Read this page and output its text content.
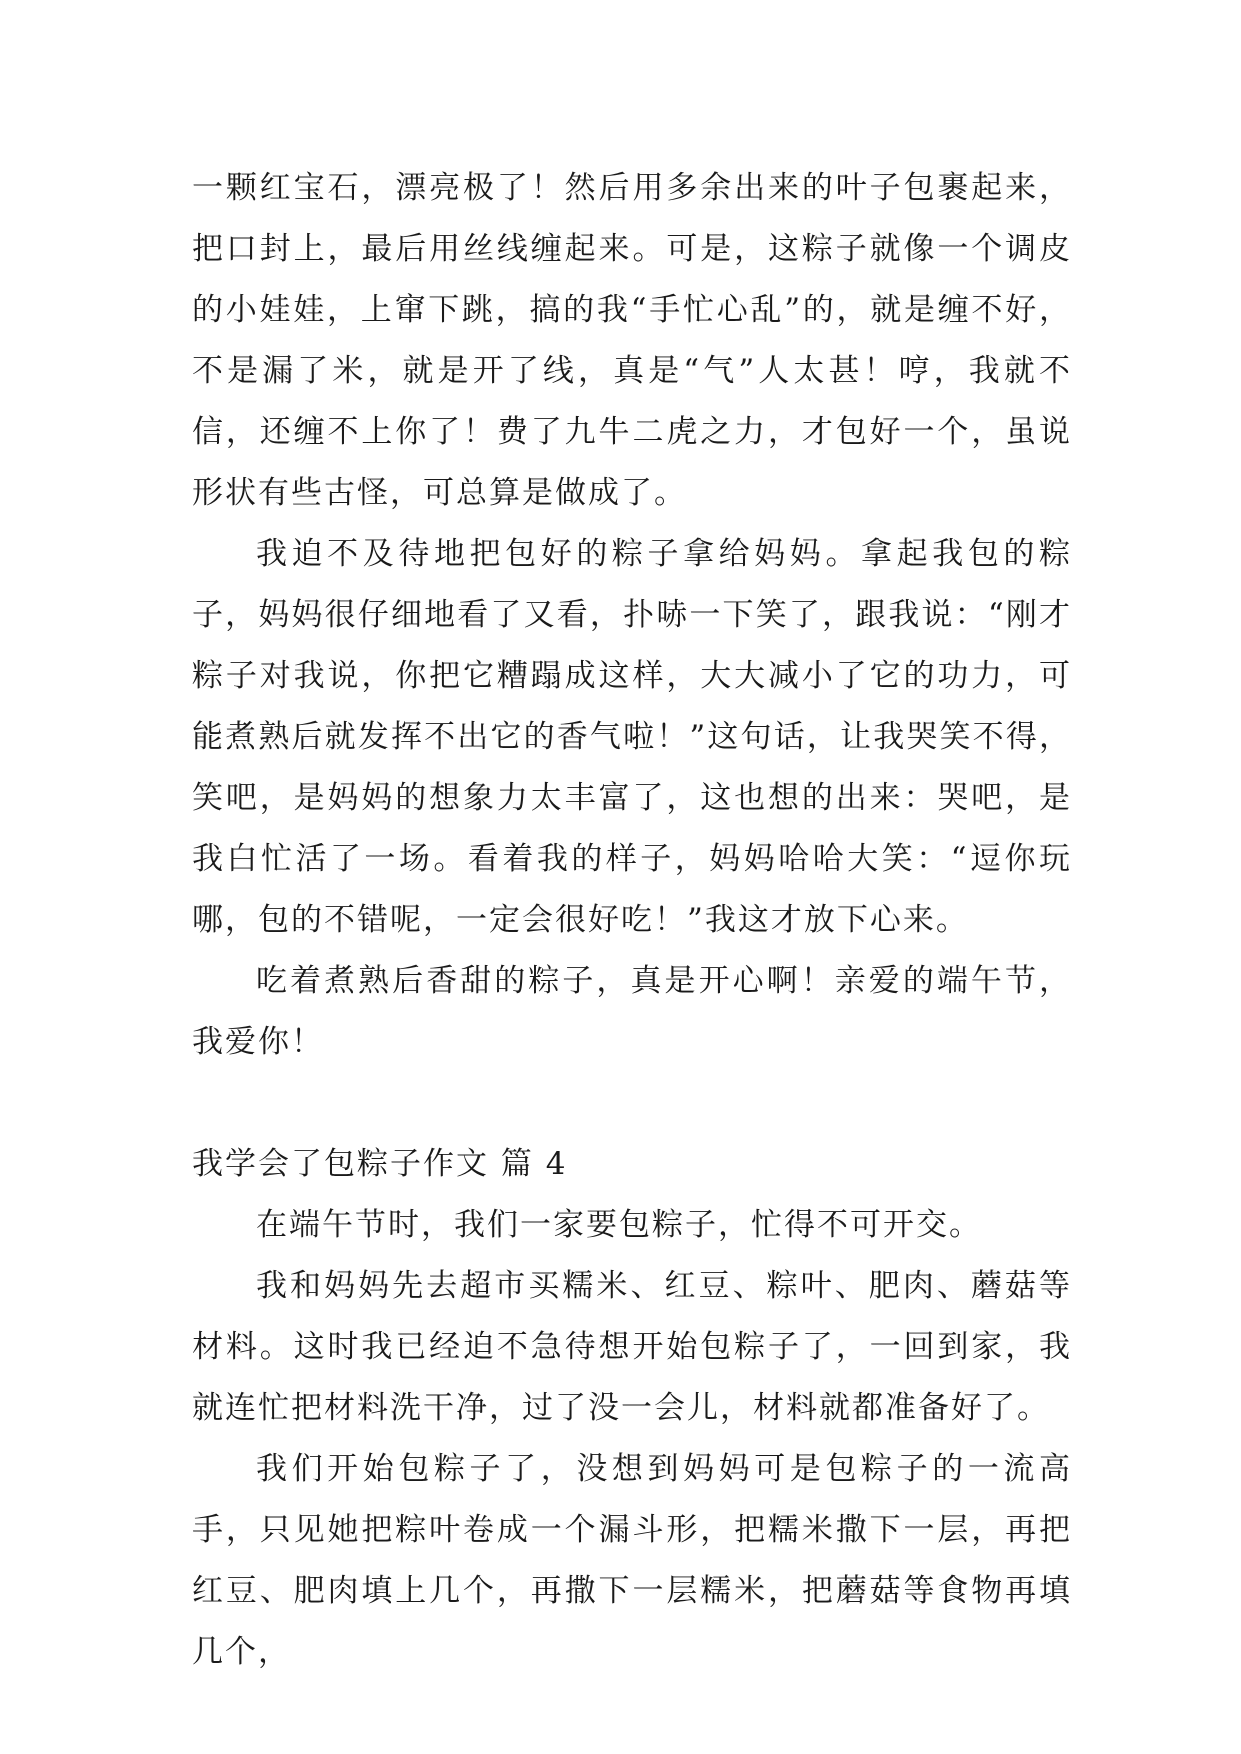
一颗红宝石，漂亮极了！然后用多余出来的叶子包裹起来，把口封上，最后用丝线缠起来。可是，这粽子就像一个调皮的小娃娃，上窜下跳，搞的我“手忙心乱”的，就是缠不好，不是漏了米，就是开了线，真是“气”人太甚！哼，我就不信，还缠不上你了！费了九牛二虎之力，才包好一个，虽说形状有些古怪，可总算是做成了。

我迫不及待地把包好的粽子拿给妈妈。拿起我包的粽子，妈妈很仔细地看了又看，扑哧一下笑了，跟我说：“刚才粽子对我说，你把它糟蹋成这样，大大减小了它的功力，可能煮熟后就发挥不出它的香气啦！”这句话，让我哭笑不得，笑吧，是妈妈的想象力太丰富了，这也想的出来：哭吧，是我白忙活了一场。看着我的样子，妈妈哈哈大笑：“逗你玩哪，包的不错呢，一定会很好吃！”我这才放下心来。

吃着煮熟后香甜的粽子，真是开心啊！亲爱的端午节，我爱你！

我学会了包粽子作文 篇 4

在端午节时，我们一家要包粽子，忙得不可开交。

我和妈妈先去超市买糯米、红豆、粽叶、肥肉、蘑菇等材料。这时我已经迫不急待想开始包粽子了，一回到家，我就连忙把材料洗干净，过了没一会儿，材料就都准备好了。

我们开始包粽子了，没想到妈妈可是包粽子的一流高手，只见她把粽叶卷成一个漏斗形，把糯米撒下一层，再把红豆、肥肉填上几个，再撒下一层糯米，把蘑菇等食物再填几个，
